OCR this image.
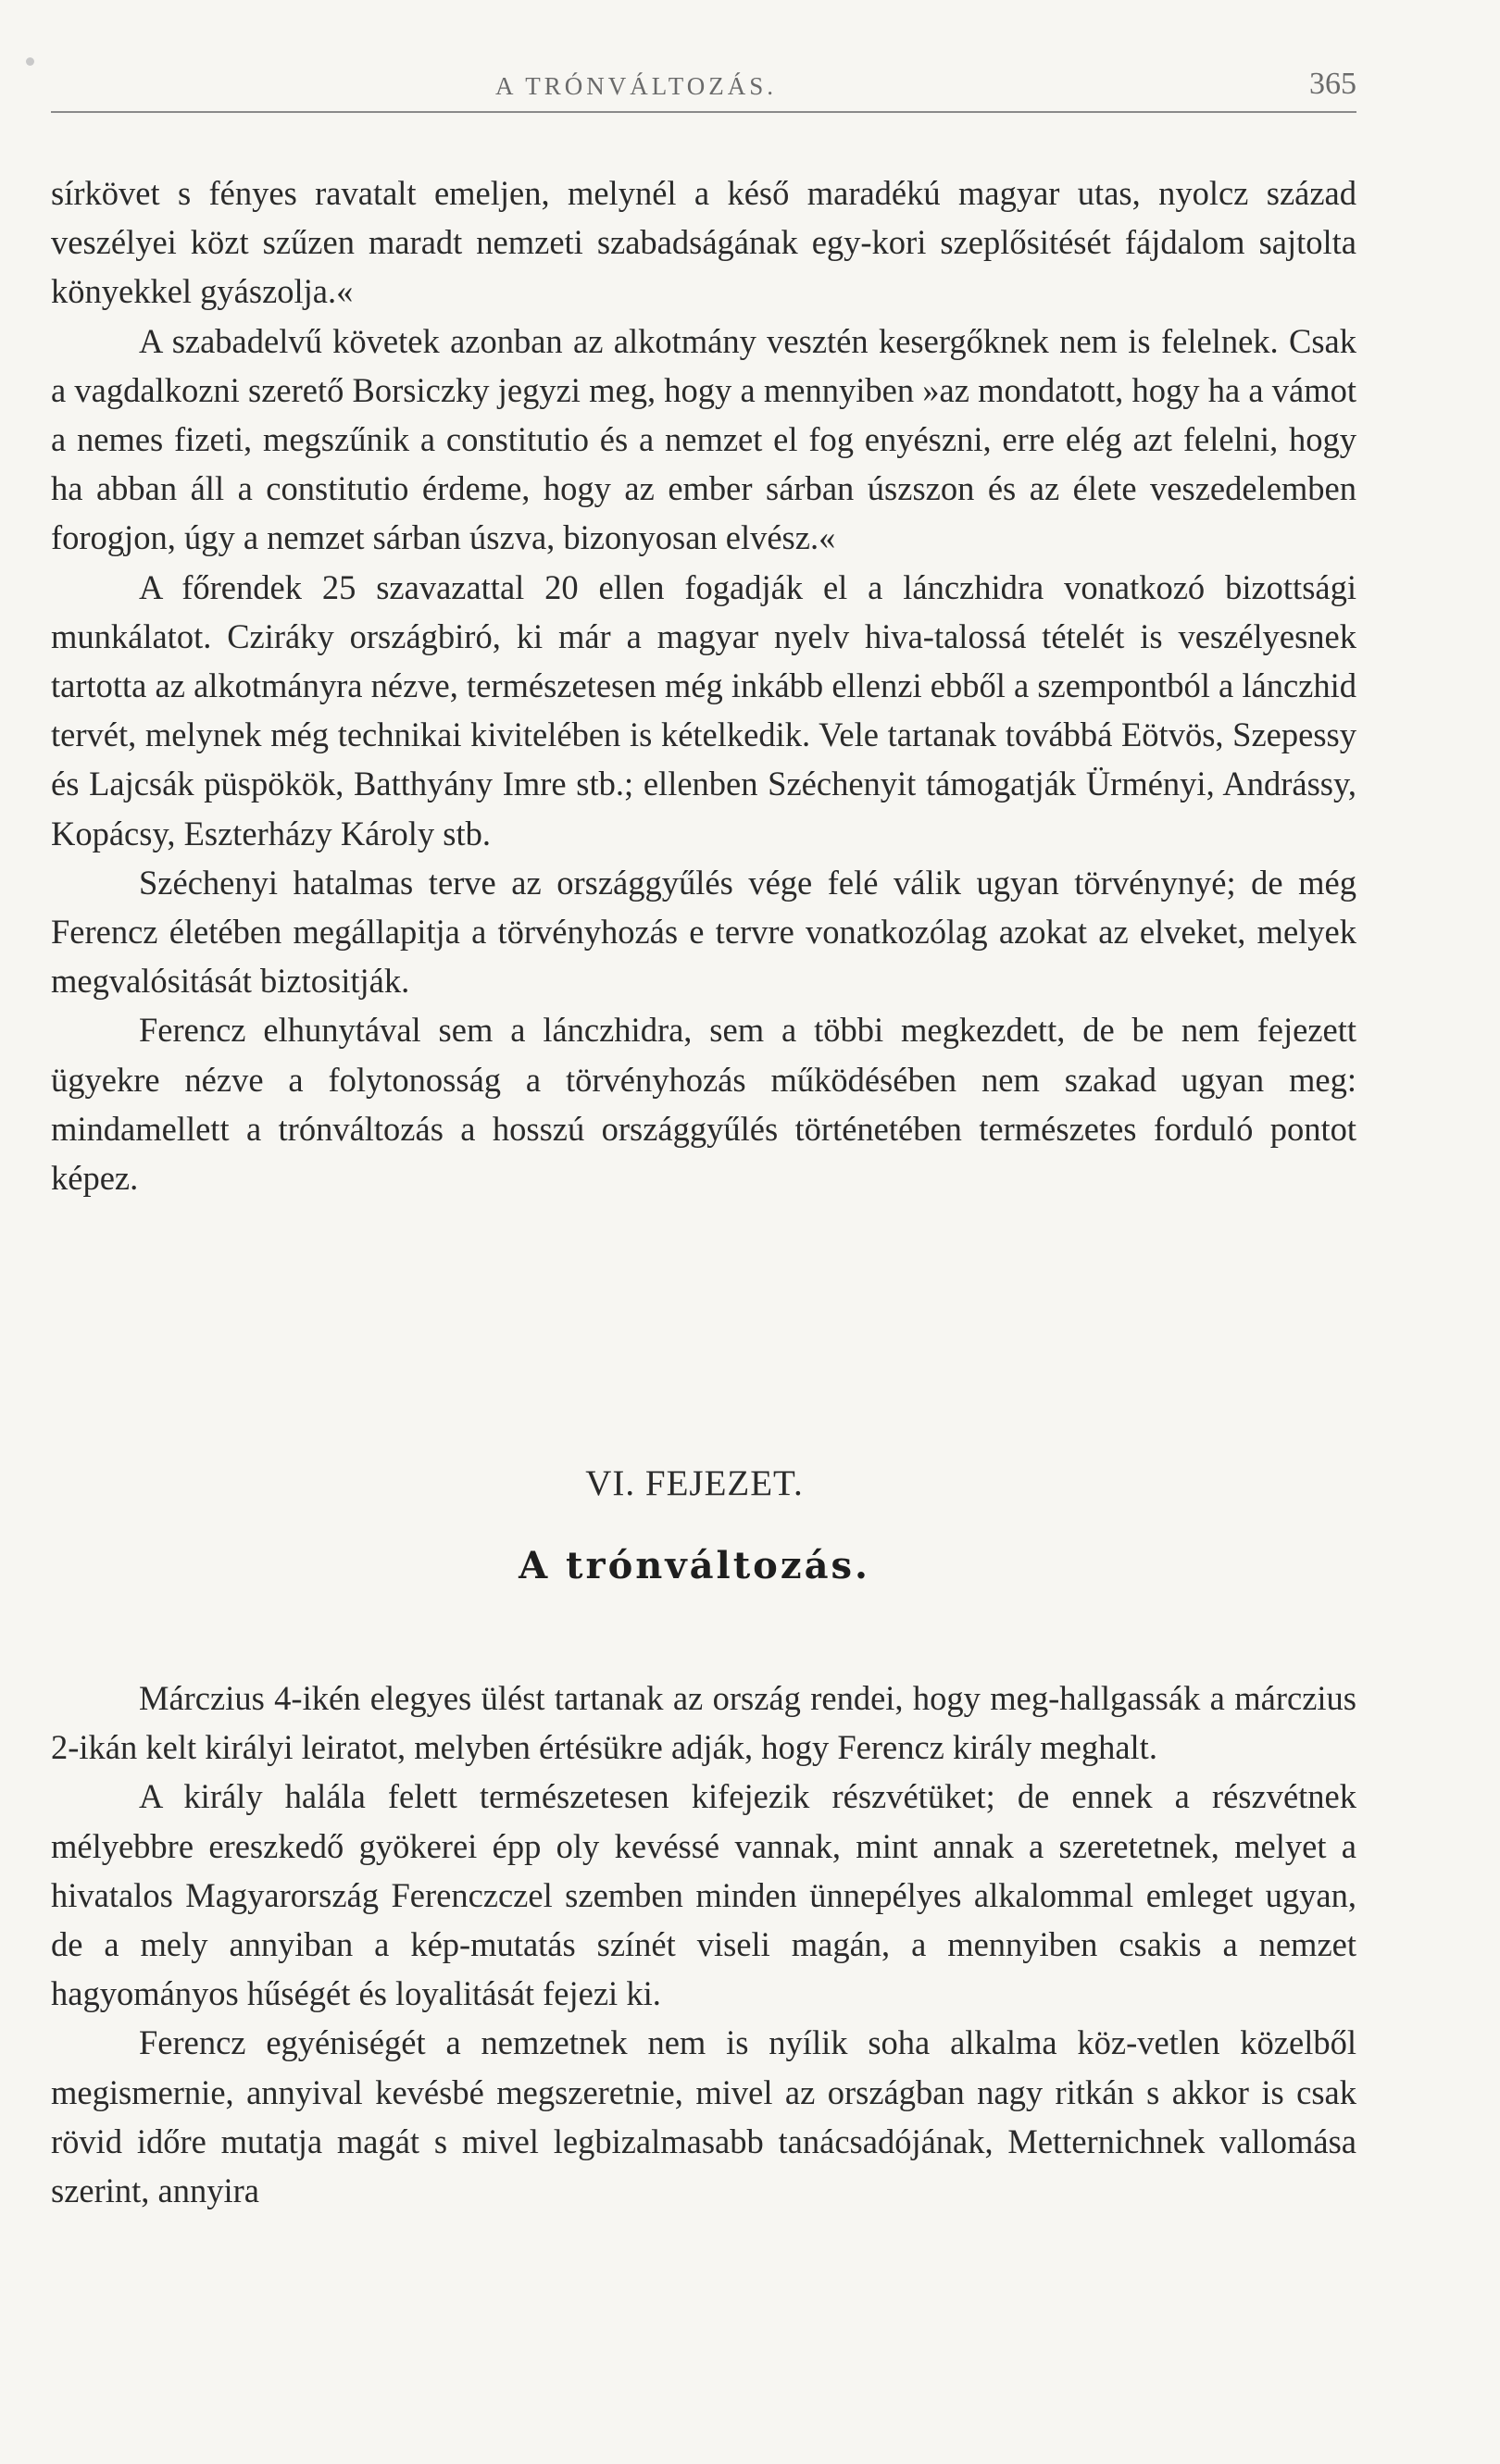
A TRÓNVÁLTOZÁS.	365

sírkövet s fényes ravatalt emeljen, melynél a késő maradékú magyar utas, nyolcz század veszélyei közt szűzen maradt nemzeti szabadságának egy-kori szeplősitését fájdalom sajtolta könyekkel gyászolja.«

A szabadelvű követek azonban az alkotmány vesztén kesergőknek nem is felelnek. Csak a vagdalkozni szerető Borsiczky jegyzi meg, hogy a mennyiben »az mondatott, hogy ha a vámot a nemes fizeti, megszűnik a constitutio és a nemzet el fog enyészni, erre elég azt felelni, hogy ha abban áll a constitutio érdeme, hogy az ember sárban úszszon és az élete veszedelemben forogjon, úgy a nemzet sárban úszva, bizonyosan elvész.«

A főrendek 25 szavazattal 20 ellen fogadják el a lánczhidra vonatkozó bizottsági munkálatot. Cziráky országbiró, ki már a magyar nyelv hiva-talossá tételét is veszélyesnek tartotta az alkotmányra nézve, természetesen még inkább ellenzi ebből a szempontból a lánczhid tervét, melynek még technikai kivitelében is kételkedik. Vele tartanak továbbá Eötvös, Szepessy és Lajcsák püspökök, Batthyány Imre stb.; ellenben Széchenyit támogatják Ürményi, Andrássy, Kopácsy, Eszterházy Károly stb.

Széchenyi hatalmas terve az országgyűlés vége felé válik ugyan törvénynyé; de még Ferencz életében megállapitja a törvényhozás e tervre vonatkozólag azokat az elveket, melyek megvalósitását biztositják.

Ferencz elhunytával sem a lánczhidra, sem a többi megkezdett, de be nem fejezett ügyekre nézve a folytonosság a törvényhozás működésében nem szakad ugyan meg: mindamellett a trónváltozás a hosszú országgyűlés történetében természetes forduló pontot képez.

VI. FEJEZET.
A trónváltozás.

Márczius 4-ikén elegyes ülést tartanak az ország rendei, hogy meg-hallgassák a márczius 2-ikán kelt királyi leiratot, melyben értésükre adják, hogy Ferencz király meghalt.

A király halála felett természetesen kifejezik részvétüket; de ennek a részvétnek mélyebbre ereszkedő gyökerei épp oly kevéssé vannak, mint annak a szeretetnek, melyet a hivatalos Magyarország Ferenczczel szemben minden ünnepélyes alkalommal emleget ugyan, de a mely annyiban a kép-mutatás színét viseli magán, a mennyiben csakis a nemzet hagyományos hűségét és loyalitását fejezi ki.

Ferencz egyéniségét a nemzetnek nem is nyílik soha alkalma köz-vetlen közelből megismernie, annyival kevésbé megszeretnie, mivel az országban nagy ritkán s akkor is csak rövid időre mutatja magát s mivel legbizalmasabb tanácsadójának, Metternichnek vallomása szerint, annyira
